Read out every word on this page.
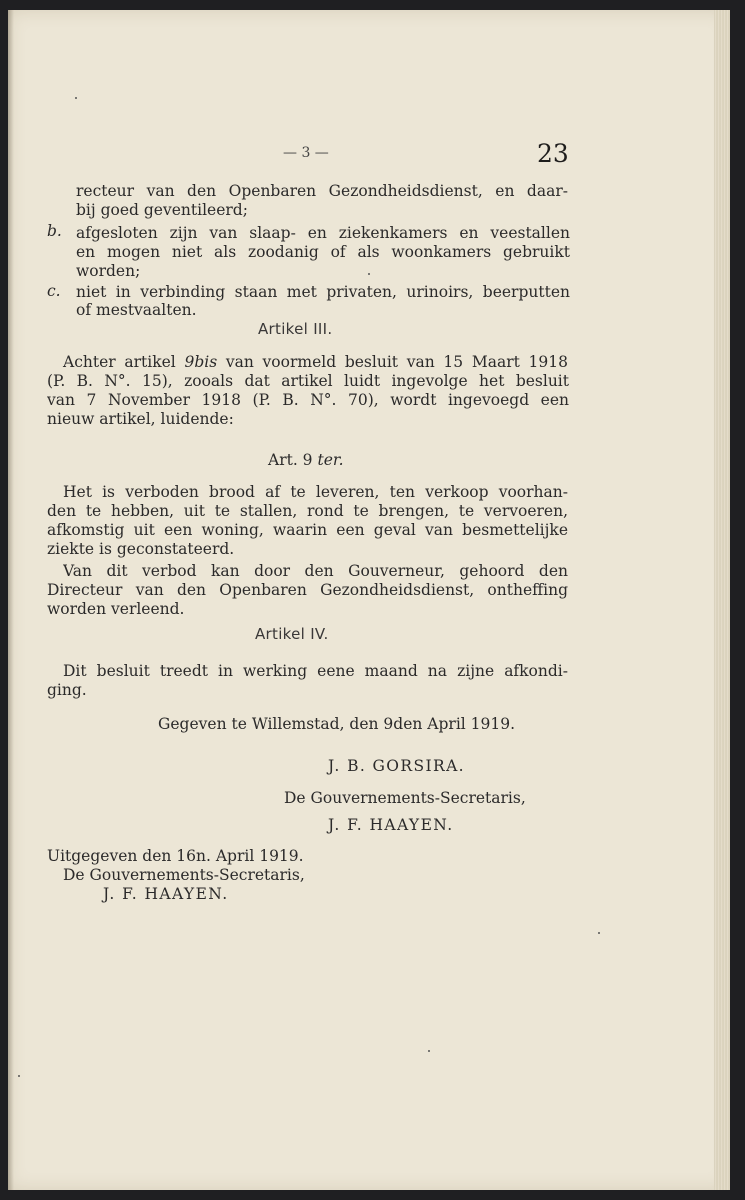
— 3 —	23
recteur van den Openbaren Gezondheidsdienst, en daar-
bij goed geventileerd;
b. afgesloten zijn van slaap- en ziekenkamers en veestallen
en mogen niet als zoodanig of als woonkamers gebruikt
worden;
c. niet in verbinding staan met privaten, urinoirs, beerputten
of mestvaalten.
Artikel III.
Achter artikel 9bis van voormeld besluit van 15 Maart 1918
(P. B. N°. 15), zooals dat artikel luidt ingevolge het besluit
van 7 November 1918 (P. B. N°. 70), wordt ingevoegd een
nieuw artikel, luidende:
Art. 9 ter.
Het is verboden brood af te leveren, ten verkoop voorhan-
den te hebben, uit te stallen, rond te brengen, te vervoeren,
afkomstig uit een woning, waarin een geval van besmettelijke
ziekte is geconstateerd.
Van dit verbod kan door den Gouverneur, gehoord den
Directeur van den Openbaren Gezondheidsdienst, ontheffing
worden verleend.
Artikel IV.
Dit besluit treedt in werking eene maand na zijne afkondi-
ging.
Gegeven te Willemstad, den 9den April 1919.
J. B. GORSIRA.
De Gouvernements-Secretaris,
J. F. HAAYEN.
Uitgegeven den 16n. April 1919.
De Gouvernements-Secretaris,
J. F. HAAYEN.
